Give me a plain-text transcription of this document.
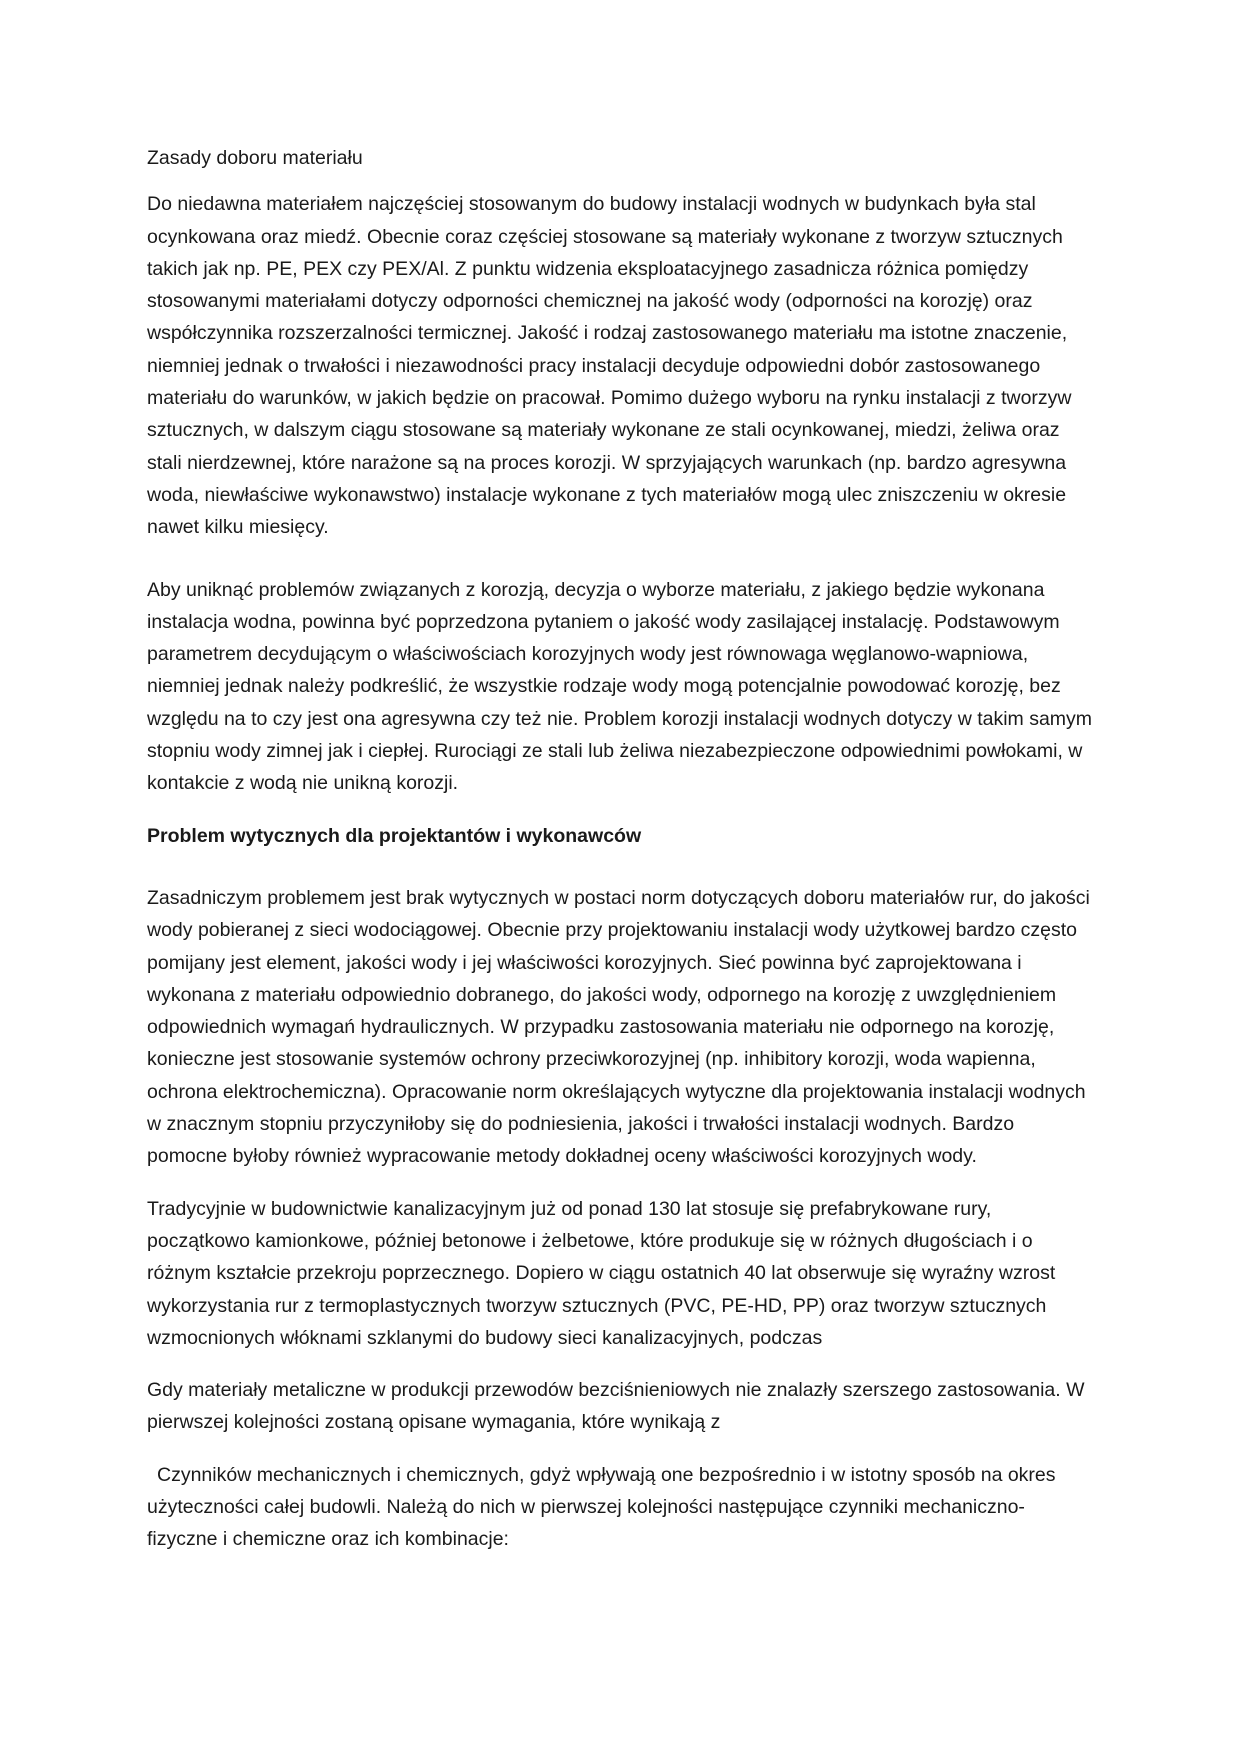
Zasady doboru materiału

Do niedawna materiałem najczęściej stosowanym do budowy instalacji wodnych w budynkach była stal ocynkowana oraz miedź. Obecnie coraz częściej stosowane są materiały wykonane z tworzyw sztucznych takich jak np. PE, PEX czy PEX/Al. Z punktu widzenia eksploatacyjnego zasadnicza różnica pomiędzy stosowanymi materiałami dotyczy odporności chemicznej na jakość wody (odporności na korozję) oraz współczynnika rozszerzalności termicznej. Jakość i rodzaj zastosowanego materiału ma istotne znaczenie, niemniej jednak o trwałości i niezawodności pracy instalacji decyduje odpowiedni dobór zastosowanego materiału do warunków, w jakich będzie on pracował. Pomimo dużego wyboru na rynku instalacji z tworzyw sztucznych, w dalszym ciągu stosowane są materiały wykonane ze stali ocynkowanej, miedzi, żeliwa oraz stali nierdzewnej, które narażone są na proces korozji. W sprzyjających warunkach (np. bardzo agresywna woda, niewłaściwe wykonawstwo) instalacje wykonane z tych materiałów mogą ulec zniszczeniu w okresie nawet kilku miesięcy.

Aby uniknąć problemów związanych z korozją, decyzja o wyborze materiału, z jakiego będzie wykonana instalacja wodna, powinna być poprzedzona pytaniem o jakość wody zasilającej instalację. Podstawowym parametrem decydującym o właściwościach korozyjnych wody jest równowaga węglanowo-wapniowa, niemniej jednak należy podkreślić, że wszystkie rodzaje wody mogą potencjalnie powodować korozję, bez względu na to czy jest ona agresywna czy też nie. Problem korozji instalacji wodnych dotyczy w takim samym stopniu wody zimnej jak i ciepłej. Rurociągi ze stali lub żeliwa niezabezpieczone odpowiednimi powłokami, w kontakcie z wodą nie unikną korozji.

Problem wytycznych dla projektantów i wykonawców

Zasadniczym problemem jest brak wytycznych w postaci norm dotyczących doboru materiałów rur, do jakości wody pobieranej z sieci wodociągowej. Obecnie przy projektowaniu instalacji wody użytkowej bardzo często pomijany jest element, jakości wody i jej właściwości korozyjnych. Sieć powinna być zaprojektowana i wykonana z materiału odpowiednio dobranego, do jakości wody, odpornego na korozję z uwzględnieniem odpowiednich wymagań hydraulicznych. W przypadku zastosowania materiału nie odpornego na korozję, konieczne jest stosowanie systemów ochrony przeciwkorozyjnej (np. inhibitory korozji, woda wapienna, ochrona elektrochemiczna). Opracowanie norm określających wytyczne dla projektowania instalacji wodnych w znacznym stopniu przyczyniłoby się do podniesienia, jakości i trwałości instalacji wodnych. Bardzo pomocne byłoby również wypracowanie metody dokładnej oceny właściwości korozyjnych wody.

Tradycyjnie w budownictwie kanalizacyjnym już od ponad 130 lat stosuje się prefabrykowane rury, początkowo kamionkowe, później betonowe i żelbetowe, które produkuje się w różnych długościach i o różnym kształcie przekroju poprzecznego. Dopiero w ciągu ostatnich 40 lat obserwuje się wyraźny wzrost wykorzystania rur z termoplastycznych tworzyw sztucznych (PVC, PE-HD, PP) oraz tworzyw sztucznych wzmocnionych włóknami szklanymi do budowy sieci kanalizacyjnych, podczas

Gdy materiały metaliczne w produkcji przewodów bezciśnieniowych nie znalazły szerszego zastosowania. W pierwszej kolejności zostaną opisane wymagania, które wynikają z

Czynników mechanicznych i chemicznych, gdyż wpływają one bezpośrednio i w istotny sposób na okres użyteczności całej budowli. Należą do nich w pierwszej kolejności następujące czynniki mechaniczno-fizyczne i chemiczne oraz ich kombinacje:
